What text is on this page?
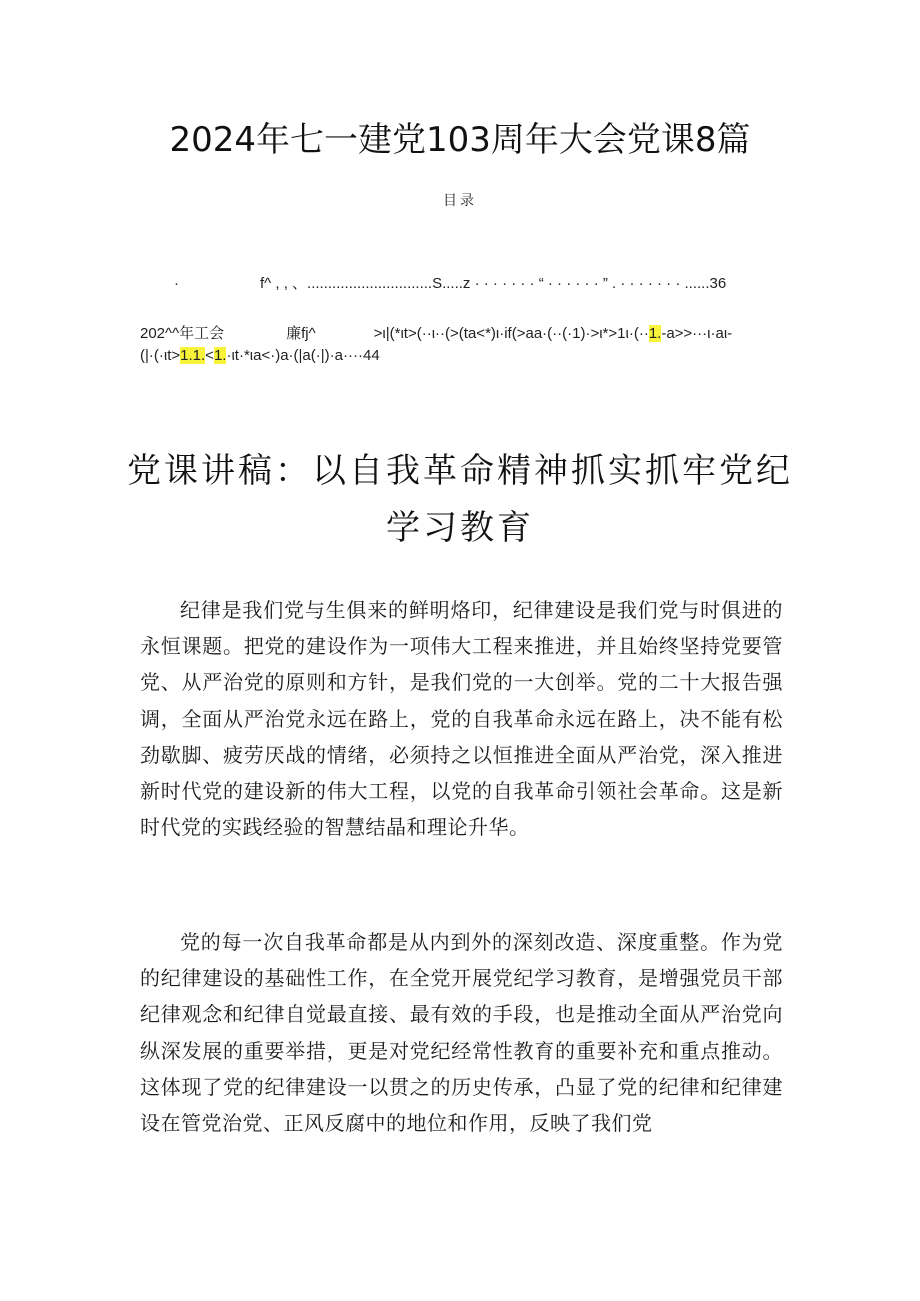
2024年七一建党103周年大会党课8篇
目录
·	f^ , , 、..............................S.....z · · · · · · · “ · · · · · · ” . · · · · · · · ......36
202^^年工会	廉fj^	>ι|(*ιt>(··ι··(>(ta<*)ι·if(>aa·(··(·1)·>ι*>1ι·(··1.-a>>···ι·aι-
(|·(·ιt>1.1.<1.·ιt·*ιa<·)a·(|a(·|)·a····44
党课讲稿：以自我革命精神抓实抓牢党纪
学习教育

纪律是我们党与生俱来的鲜明烙印，纪律建设是我们党与时俱进的永恒课题。把党的建设作为一项伟大工程来推进，并且始终坚持党要管党、从严治党的原则和方针，是我们党的一大创举。党的二十大报告强调，全面从严治党永远在路上，党的自我革命永远在路上，决不能有松劲歇脚、疲劳厌战的情绪，必须持之以恒推进全面从严治党，深入推进新时代党的建设新的伟大工程，以党的自我革命引领社会革命。这是新时代党的实践经验的智慧结晶和理论升华。

党的每一次自我革命都是从内到外的深刻改造、深度重整。作为党的纪律建设的基础性工作，在全党开展党纪学习教育，是增强党员干部纪律观念和纪律自觉最直接、最有效的手段，也是推动全面从严治党向纵深发展的重要举措，更是对党纪经常性教育的重要补充和重点推动。这体现了党的纪律建设一以贯之的历史传承，凸显了党的纪律和纪律建设在管党治党、正风反腐中的地位和作用，反映了我们党
